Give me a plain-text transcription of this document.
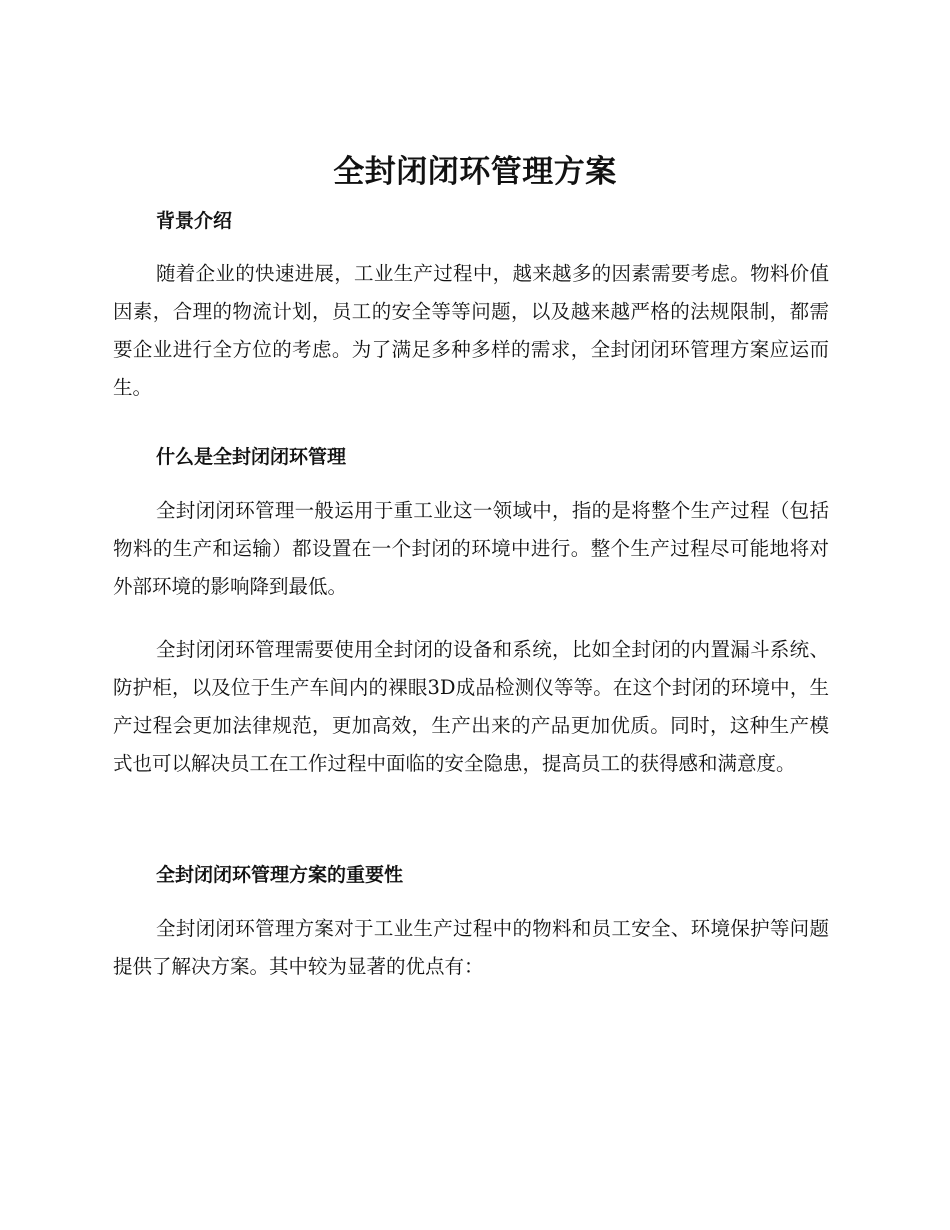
全封闭闭环管理方案
背景介绍

随着企业的快速进展，工业生产过程中，越来越多的因素需要考虑。物料价值因素，合理的物流计划，员工的安全等等问题，以及越来越严格的法规限制，都需要企业进行全方位的考虑。为了满足多种多样的需求，全封闭闭环管理方案应运而生。

什么是全封闭闭环管理

全封闭闭环管理一般运用于重工业这一领域中，指的是将整个生产过程（包括物料的生产和运输）都设置在一个封闭的环境中进行。整个生产过程尽可能地将对外部环境的影响降到最低。

全封闭闭环管理需要使用全封闭的设备和系统，比如全封闭的内置漏斗系统、防护柜，以及位于生产车间内的裸眼3D成品检测仪等等。在这个封闭的环境中，生产过程会更加法律规范，更加高效，生产出来的产品更加优质。同时，这种生产模式也可以解决员工在工作过程中面临的安全隐患，提高员工的获得感和满意度。

全封闭闭环管理方案的重要性

全封闭闭环管理方案对于工业生产过程中的物料和员工安全、环境保护等问题提供了解决方案。其中较为显著的优点有：
